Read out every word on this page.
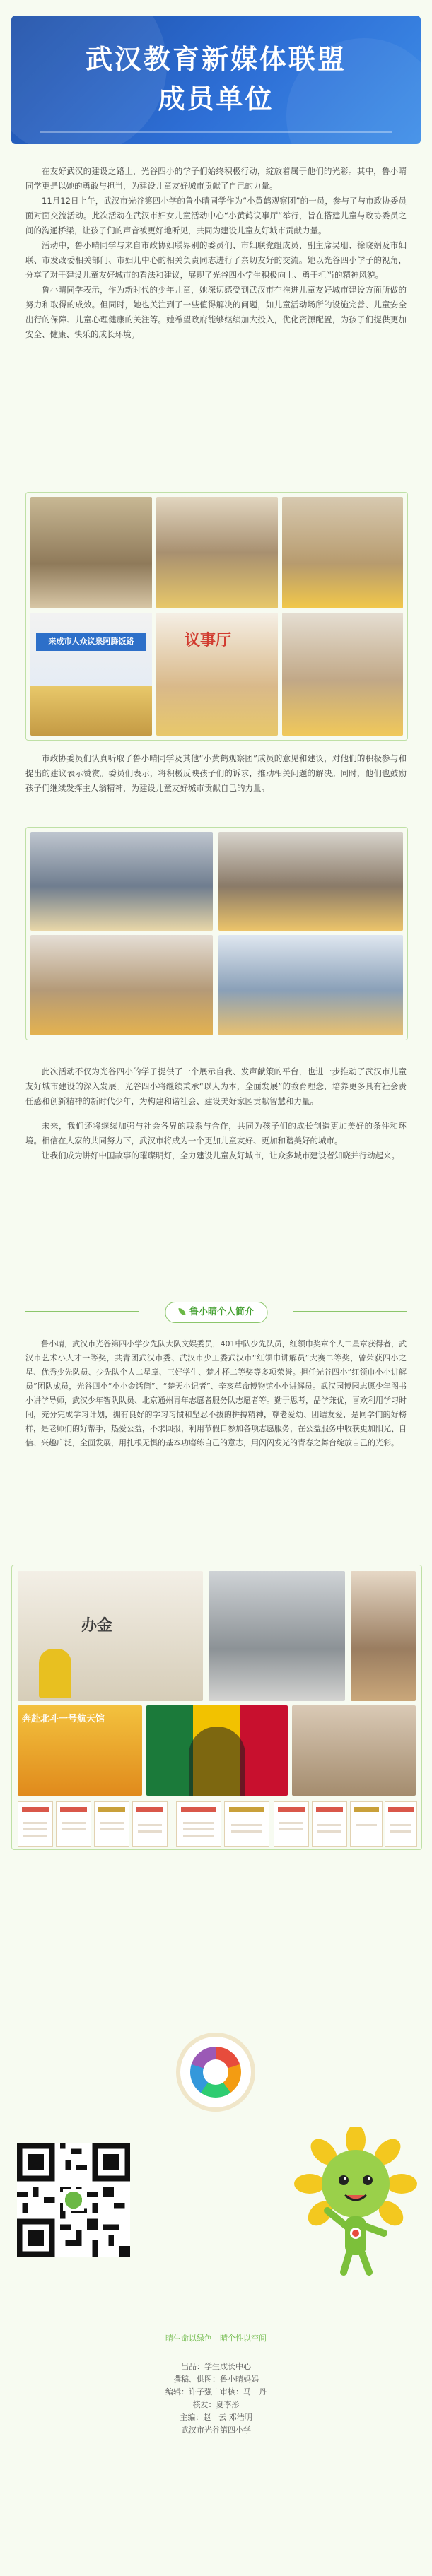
武汉教育新媒体联盟
成员单位

在友好武汉的建设之路上，光谷四小的学子们始终积极行动，绽放着属于他们的光彩。其中，鲁小晴同学更是以她的勇敢与担当，为建设儿童友好城市贡献了自己的力量。

11月12日上午，武汉市光谷第四小学的鲁小晴同学作为“小黄鹤观察团”的一员，参与了与市政协委员面对面交流活动。此次活动在武汉市妇女儿童活动中心“小黄鹤议事厅”举行，旨在搭建儿童与政协委员之间的沟通桥梁，让孩子们的声音被更好地听见，共同为建设儿童友好城市贡献力量。

活动中，鲁小晴同学与来自市政协妇联界别的委员们、市妇联党组成员、副主席吴珊、徐晓娟及市妇联、市发改委相关部门、市妇儿中心的相关负责同志进行了亲切友好的交流。她以光谷四小学子的视角，分享了对于建设儿童友好城市的看法和建议，展现了光谷四小学生积极向上、勇于担当的精神风貌。

鲁小晴同学表示，作为新时代的少年儿童，她深切感受到武汉市在推进儿童友好城市建设方面所做的努力和取得的成效。但同时，她也关注到了一些值得解决的问题，如儿童活动场所的设施完善、儿童安全出行的保障、儿童心理健康的关注等。她希望政府能够继续加大投入，优化资源配置，为孩子们提供更加安全、健康、快乐的成长环境。

来成市人众议泉阿腾饭路	议事厅

市政协委员们认真听取了鲁小晴同学及其他“小黄鹤观察团”成员的意见和建议，对他们的积极参与和提出的建议表示赞赏。委员们表示，将积极反映孩子们的诉求，推动相关问题的解决。同时，他们也鼓励孩子们继续发挥主人翁精神，为建设儿童友好城市贡献自己的力量。

此次活动不仅为光谷四小的学子提供了一个展示自我、发声献策的平台，也进一步推动了武汉市儿童友好城市建设的深入发展。光谷四小将继续秉承“以人为本，全面发展”的教育理念，培养更多具有社会责任感和创新精神的新时代少年，为构建和谐社会、建设美好家园贡献智慧和力量。

未来，我们还将继续加强与社会各界的联系与合作，共同为孩子们的成长创造更加美好的条件和环境。相信在大家的共同努力下，武汉市将成为一个更加儿童友好、更加和谐美好的城市。

让我们成为讲好中国故事的璀璨明灯，全力建设儿童友好城市，让众多城市建设者知晓并行动起来。

鲁小晴个人简介

鲁小晴，武汉市光谷第四小学少先队大队文娱委员，401中队少先队员，红领巾奖章个人二星章获得者，武汉市艺术小人才一等奖，共青团武汉市委、武汉市少工委武汉市“红领巾讲解员”大赛二等奖，曾荣获四小之星、优秀少先队员、少先队个人二星章、三好学生、楚才杯二等奖等多项荣誉。担任光谷四小“红领巾小小讲解员”团队成员，光谷四小“小小金话筒”、“楚天小记者”、辛亥革命博物馆小小讲解员。武汉园博园志愿少年图书小讲学导师，武汉少年智队队员、北京通州青年志愿者服务队志愿者等。勤于思考，品学兼优，喜欢利用学习时间，充分完成学习计划，拥有良好的学习习惯和坚忍不拔的拼搏精神，尊老爱幼、团结友爱，是同学们的好榜样，是老师们的好帮手，热爱公益，不求回报，利用节假日参加各项志愿服务，在公益服务中收获更加阳光、自信、兴趣广泛，全面发展，用扎根无惧的基本功磨练自己的意志，用闪闪发光的青春之舞台绽放自己的光彩。

办金
奔赴北斗一号航天馆
晴生命以绿色　晴个性以空间
出品：学生成长中心
撰稿、供图：鲁小晴妈妈
编辑：许子强丨审核：马　丹
核发：夏李彤
主编：赵　云 邓浩明
武汉市光谷第四小学
